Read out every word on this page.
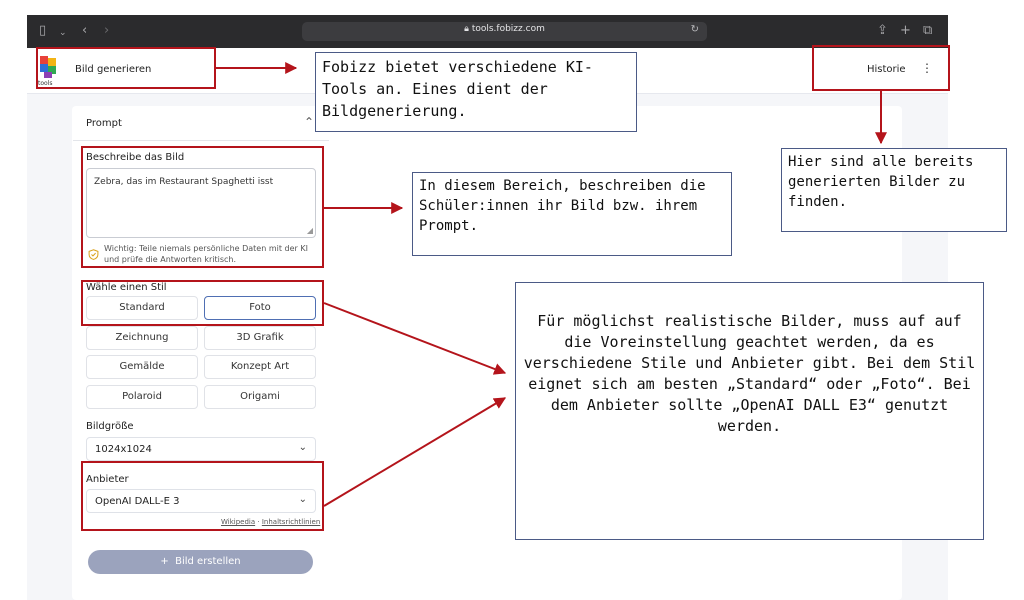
▯ ⌄ ‹ ›	🔒︎ tools.fobizz.com	↻	⇪ + ⧉
tools
Bild generieren	Historie ⋮
Prompt	⌃
Beschreibe das Bild
Zebra, das im Restaurant Spaghetti isst
◢
Wichtig: Teile niemals persönliche Daten mit der KI und prüfe die Antworten kritisch.
Wähle einen Stil
Standard	Foto
Zeichnung	3D Grafik
Gemälde	Konzept Art
Polaroid	Origami
Bildgröße
1024x1024	⌄
Anbieter
OpenAI DALL-E 3	⌄
Wikipedia · Inhaltsrichtlinien
+ Bild erstellen
Fobizz bietet verschiedene KI-Tools an. Eines dient der Bildgenerierung.
Hier sind alle bereits generierten Bilder zu finden.
In diesem Bereich, beschreiben die Schüler:innen ihr Bild bzw. ihrem Prompt.
Für möglichst realistische Bilder, muss auf auf die Voreinstellung geachtet werden, da es verschiedene Stile und Anbieter gibt. Bei dem Stil eignet sich am besten „Standard“ oder „Foto“. Bei dem Anbieter sollte „OpenAI DALL E3“ genutzt werden.
